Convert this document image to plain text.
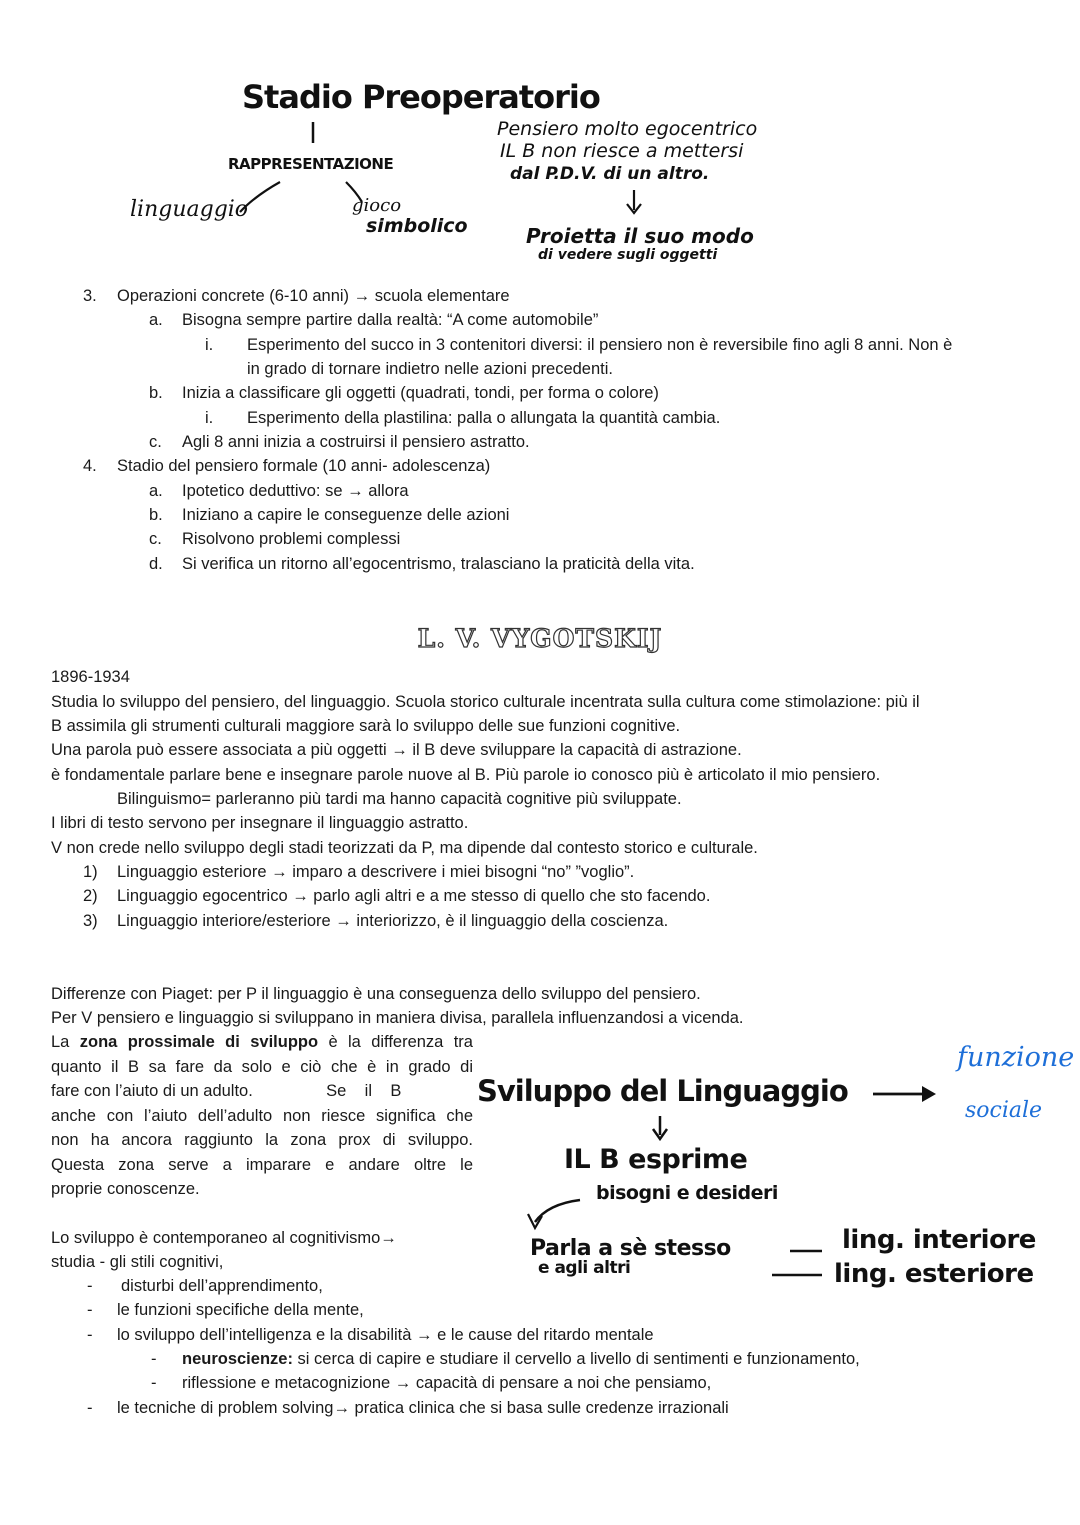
Stadio Preoperatorio
RAPPRESENTAZIONE
linguaggio	gioco
simbolico
Pensiero molto egocentrico
IL B non riesce a mettersi
dal P.D.V. di un altro.
Proietta il suo modo
di vedere sugli oggetti
3. Operazioni concrete (6-10 anni) → scuola elementare
a. Bisogna sempre partire dalla realtà: “A come automobile”
i. Esperimento del succo in 3 contenitori diversi: il pensiero non è reversibile fino agli 8 anni. Non è
in grado di tornare indietro nelle azioni precedenti.
b. Inizia a classificare gli oggetti (quadrati, tondi, per forma o colore)
i. Esperimento della plastilina: palla o allungata la quantità cambia.
c. Agli 8 anni inizia a costruirsi il pensiero astratto.
4. Stadio del pensiero formale (10 anni- adolescenza)
a. Ipotetico deduttivo: se → allora
b. Iniziano a capire le conseguenze delle azioni
c. Risolvono problemi complessi
d. Si verifica un ritorno all’egocentrismo, tralasciano la praticità della vita.
L. V. VYGOTSKIJ
1896-1934
Studia lo sviluppo del pensiero, del linguaggio. Scuola storico culturale incentrata sulla cultura come stimolazione: più il
B assimila gli strumenti culturali maggiore sarà lo sviluppo delle sue funzioni cognitive.
Una parola può essere associata a più oggetti → il B deve sviluppare la capacità di astrazione.
è fondamentale parlare bene e insegnare parole nuove al B. Più parole io conosco più è articolato il mio pensiero.
Bilinguismo= parleranno più tardi ma hanno capacità cognitive più sviluppate.
I libri di testo servono per insegnare il linguaggio astratto.
V non crede nello sviluppo degli stadi teorizzati da P, ma dipende dal contesto storico e culturale.
1) Linguaggio esteriore → imparo a descrivere i miei bisogni “no” ”voglio”.
2) Linguaggio egocentrico → parlo agli altri e a me stesso di quello che sto facendo.
3) Linguaggio interiore/esteriore → interiorizzo, è il linguaggio della coscienza.
Differenze con Piaget: per P il linguaggio è una conseguenza dello sviluppo del pensiero.
Per V pensiero e linguaggio si sviluppano in maniera divisa, parallela influenzandosi a vicenda.
La zona prossimale di sviluppo è la differenza tra
quanto il B sa fare da solo e ciò che è in grado di
fare con l’aiuto di un adulto.                Se    il    B
anche con l’aiuto dell’adulto non riesce significa che
non ha ancora raggiunto la zona prox di sviluppo.
Questa zona serve a imparare e andare oltre le
proprie conoscenze.
Lo sviluppo è contemporaneo al cognitivismo→
studia - gli stili cognitivi,
Sviluppo del Linguaggio
funzione
sociale
IL B esprime
bisogni e desideri
Parla a sè stesso
e agli altri
ling. interiore
ling. esteriore
- disturbi dell’apprendimento,
- le funzioni specifiche della mente,
- lo sviluppo dell’intelligenza e la disabilità → e le cause del ritardo mentale
- neuroscienze: si cerca di capire e studiare il cervello a livello di sentimenti e funzionamento,
- riflessione e metacognizione → capacità di pensare a noi che pensiamo,
- le tecniche di problem solving→ pratica clinica che si basa sulle credenze irrazionali
